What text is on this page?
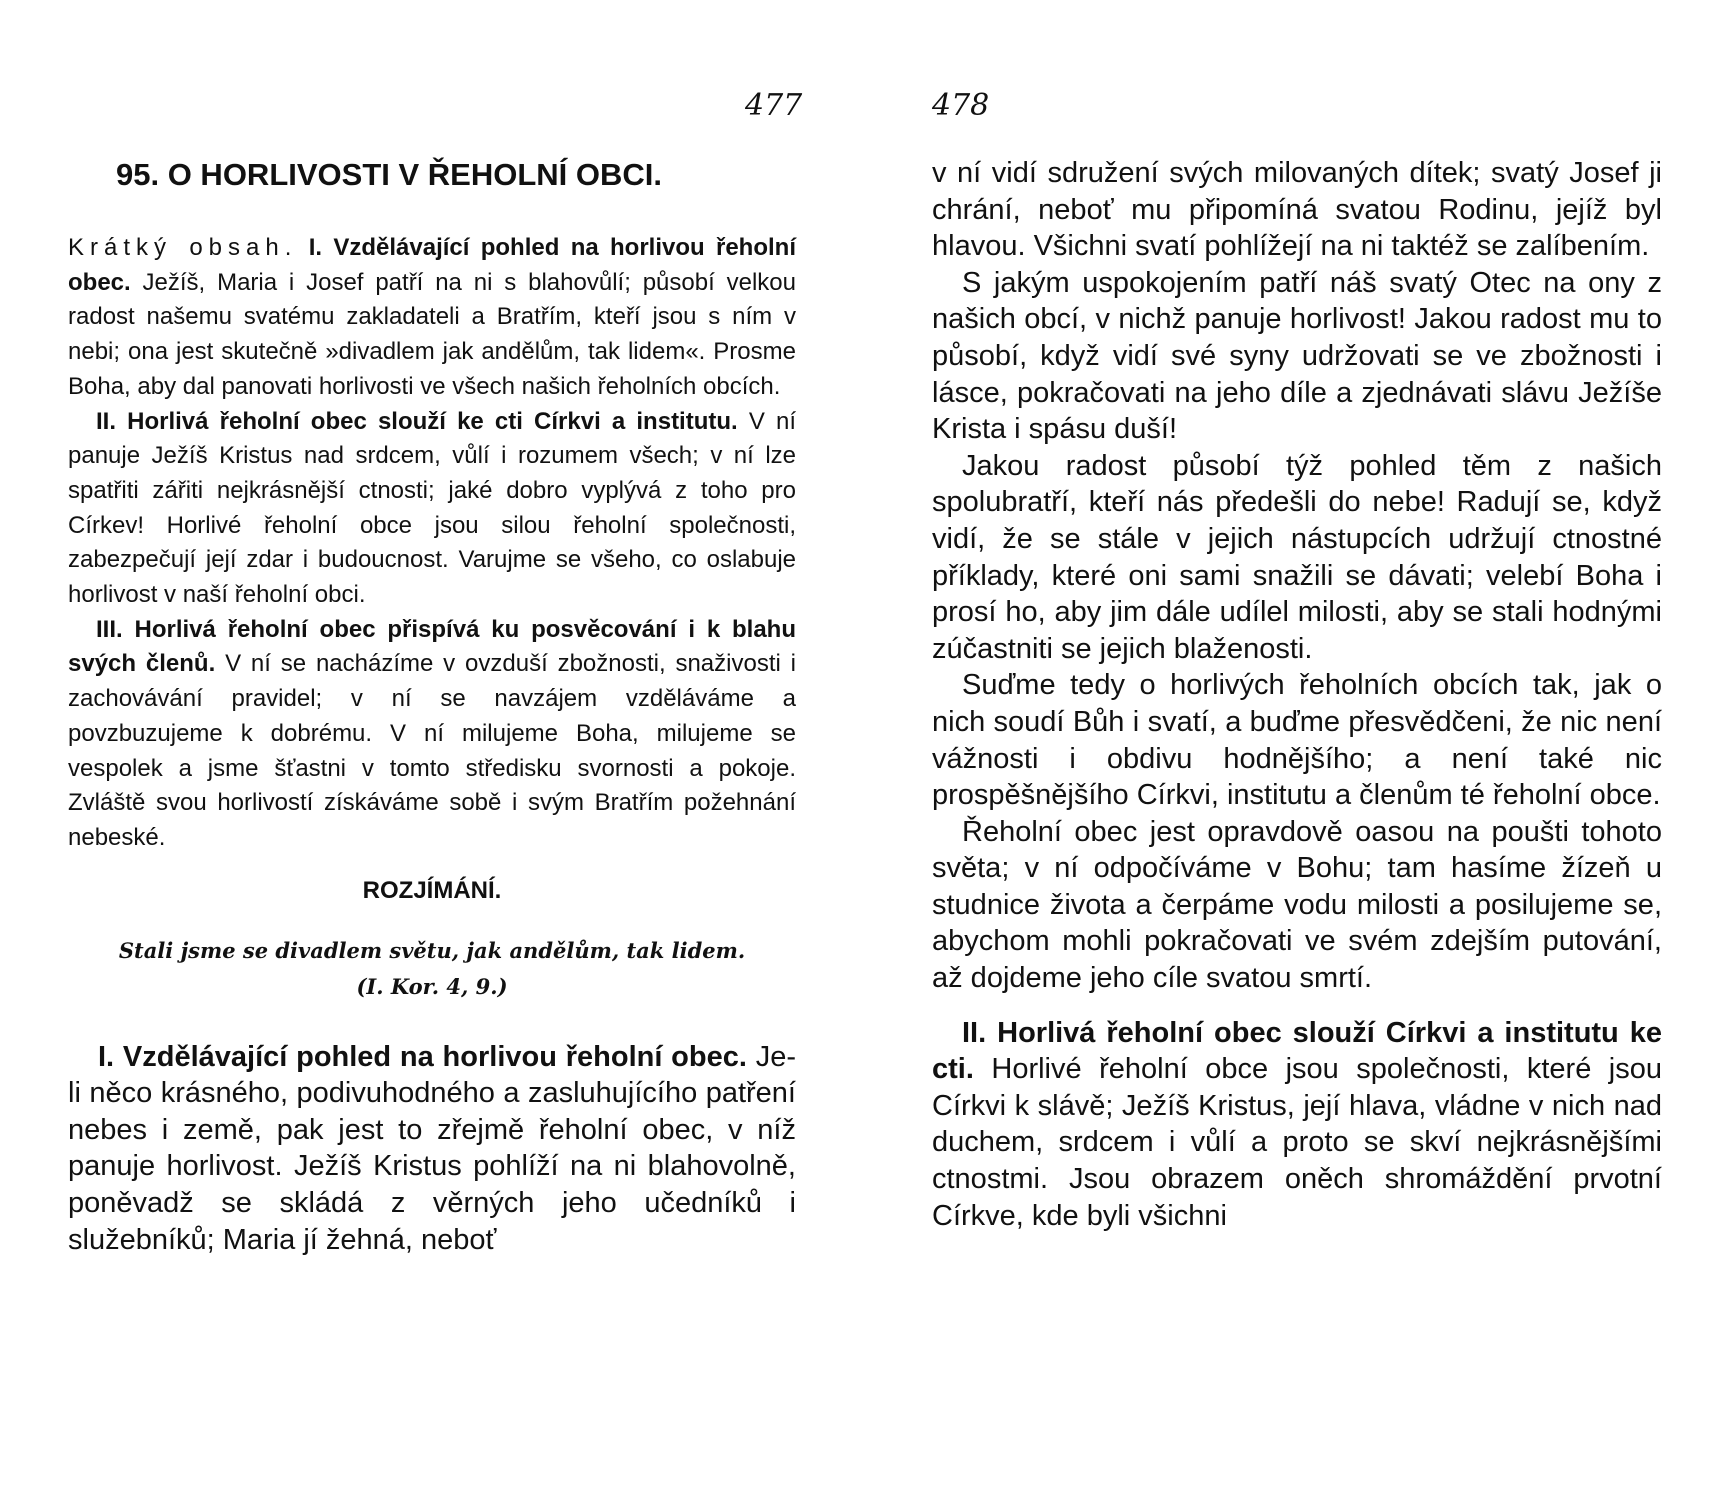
477	478
95. O HORLIVOSTI V ŘEHOLNÍ OBCI.

Krátký obsah. I. Vzdělávající pohled na horlivou řeholní obec. Ježíš, Maria i Josef patří na ni s blahovůlí; působí velkou radost našemu svatému zakladateli a Bratřím, kteří jsou s ním v nebi; ona jest skutečně »divadlem jak andělům, tak lidem«. Prosme Boha, aby dal panovati horlivosti ve všech našich řeholních obcích.

II. Horlivá řeholní obec slouží ke cti Církvi a institutu. V ní panuje Ježíš Kristus nad srdcem, vůlí i rozumem všech; v ní lze spatřiti zářiti nejkrásnější ctnosti; jaké dobro vyplývá z toho pro Církev! Horlivé řeholní obce jsou silou řeholní společnosti, zabezpečují její zdar i budoucnost. Varujme se všeho, co oslabuje horlivost v naší řeholní obci.

III. Horlivá řeholní obec přispívá ku posvěcování i k blahu svých členů. V ní se nacházíme v ovzduší zbožnosti, snaživosti i zachovávání pravidel; v ní se navzájem vzděláváme a povzbuzujeme k dobrému. V ní milujeme Boha, milujeme se vespolek a jsme šťastni v tomto středisku svornosti a pokoje. Zvláště svou horlivostí získáváme sobě i svým Bratřím požehnání nebeské.

ROZJÍMÁNÍ.
Stali jsme se divadlem světu, jak andělům, tak lidem.
(I. Kor. 4, 9.)

I. Vzdělávající pohled na horlivou řeholní obec. Je-li něco krásného, podivuhodného a zasluhujícího patření nebes i země, pak jest to zřejmě řeholní obec, v níž panuje horlivost. Ježíš Kristus pohlíží na ni blahovolně, poněvadž se skládá z věrných jeho učedníků i služebníků; Maria jí žehná, neboť

v ní vidí sdružení svých milovaných dítek; svatý Josef ji chrání, neboť mu připomíná svatou Rodinu, jejíž byl hlavou. Všichni svatí pohlížejí na ni taktéž se zalíbením.

S jakým uspokojením patří náš svatý Otec na ony z našich obcí, v nichž panuje horlivost! Jakou radost mu to působí, když vidí své syny udržovati se ve zbožnosti i lásce, pokračovati na jeho díle a zjednávati slávu Ježíše Krista i spásu duší!

Jakou radost působí týž pohled těm z našich spolubratří, kteří nás předešli do nebe! Radují se, když vidí, že se stále v jejich nástupcích udržují ctnostné příklady, které oni sami snažili se dávati; velebí Boha i prosí ho, aby jim dále udílel milosti, aby se stali hodnými zúčastniti se jejich blaženosti.

Suďme tedy o horlivých řeholních obcích tak, jak o nich soudí Bůh i svatí, a buďme přesvědčeni, že nic není vážnosti i obdivu hodnějšího; a není také nic prospěšnějšího Církvi, institutu a členům té řeholní obce.

Řeholní obec jest opravdově oasou na poušti tohoto světa; v ní odpočíváme v Bohu; tam hasíme žízeň u studnice života a čerpáme vodu milosti a posilujeme se, abychom mohli pokračovati ve svém zdejším putování, až dojdeme jeho cíle svatou smrtí.

II. Horlivá řeholní obec slouží Církvi a institutu ke cti. Horlivé řeholní obce jsou společnosti, které jsou Církvi k slávě; Ježíš Kristus, její hlava, vládne v nich nad duchem, srdcem i vůlí a proto se skví nejkrásnějšími ctnostmi. Jsou obrazem oněch shromáždění prvotní Církve, kde byli všichni
